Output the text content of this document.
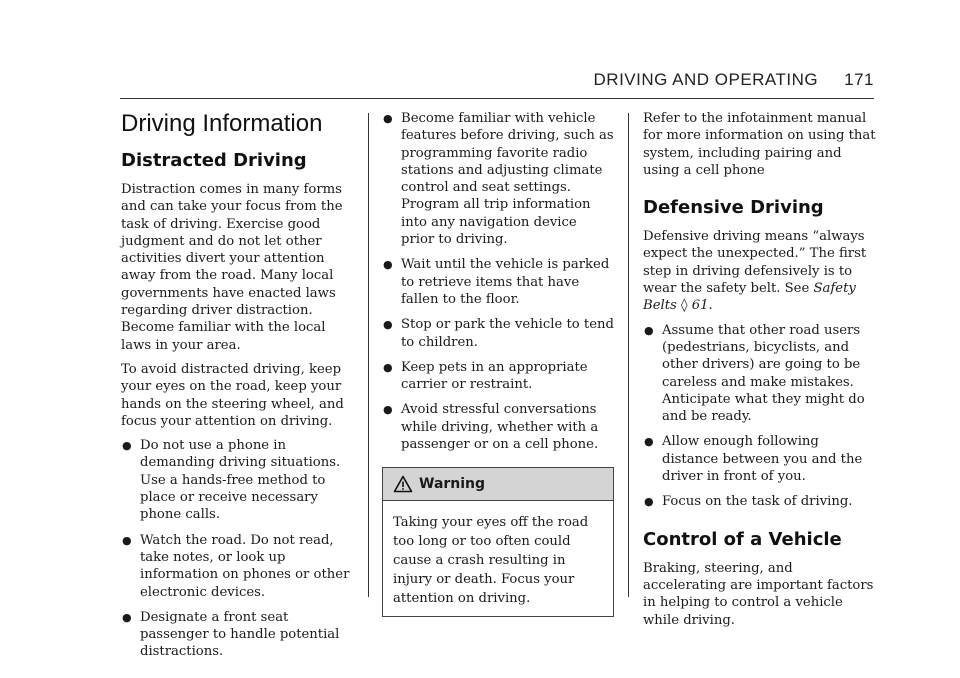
DRIVING AND OPERATING 171
Driving Information
Distracted Driving

Distraction comes in many forms and can take your focus from the task of driving. Exercise good judgment and do not let other activities divert your attention away from the road. Many local governments have enacted laws regarding driver distraction. Become familiar with the local laws in your area.

To avoid distracted driving, keep your eyes on the road, keep your hands on the steering wheel, and focus your attention on driving.

● Do not use a phone in demanding driving situations. Use a hands-free method to place or receive necessary phone calls.
● Watch the road. Do not read, take notes, or look up information on phones or other electronic devices.
● Designate a front seat passenger to handle potential distractions.
● Become familiar with vehicle features before driving, such as programming favorite radio stations and adjusting climate control and seat settings. Program all trip information into any navigation device prior to driving.
● Wait until the vehicle is parked to retrieve items that have fallen to the floor.
● Stop or park the vehicle to tend to children.
● Keep pets in an appropriate carrier or restraint.
● Avoid stressful conversations while driving, whether with a passenger or on a cell phone.
Warning
Taking your eyes off the road too long or too often could cause a crash resulting in injury or death. Focus your attention on driving.

Refer to the infotainment manual for more information on using that system, including pairing and using a cell phone

Defensive Driving

Defensive driving means “always expect the unexpected.” The first step in driving defensively is to wear the safety belt. See Safety Belts ◊ 61.

● Assume that other road users (pedestrians, bicyclists, and other drivers) are going to be careless and make mistakes. Anticipate what they might do and be ready.
● Allow enough following distance between you and the driver in front of you.
● Focus on the task of driving.
Control of a Vehicle

Braking, steering, and accelerating are important factors in helping to control a vehicle while driving.
